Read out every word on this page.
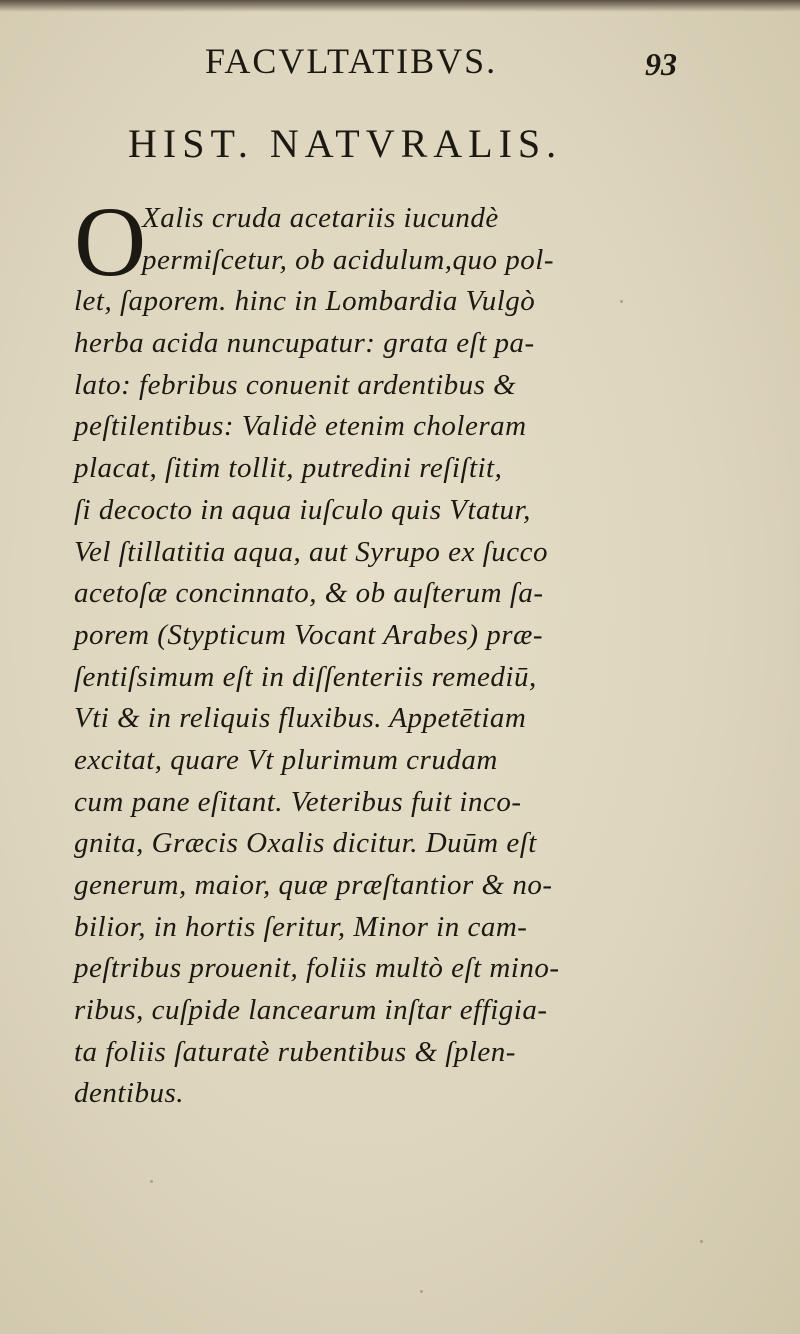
FACVLTATIBVS.	93
HIST. NATVRALIS.
O
Xalis cruda acetariis iucundè
permiſcetur, ob acidulum,quo pol-
let, ſaporem. hinc in Lombardia Vulgò
herba acida nuncupatur: grata eſt pa-
lato: febribus conuenit ardentibus &
peſtilentibus: Validè etenim choleram
placat, ſitim tollit, putredini reſiſtit,
ſi decocto in aqua iuſculo quis Vtatur,
Vel ſtillatitia aqua, aut Syrupo ex ſucco
acetoſæ concinnato, & ob auſterum ſa-
porem (Stypticum Vocant Arabes) præ-
ſentiſsimum eſt in diſſenteriis remediū,
Vti & in reliquis fluxibus. Appetētiam
excitat, quare Vt plurimum crudam
cum pane eſitant. Veteribus fuit inco-
gnita, Græcis Oxalis dicitur. Duūm eſt
generum, maior, quæ præſtantior & no-
bilior, in hortis ſeritur, Minor in cam-
peſtribus prouenit, foliis multò eſt mino-
ribus, cuſpide lancearum inſtar effigia-
ta foliis ſaturatè rubentibus & ſplen-
dentibus.
